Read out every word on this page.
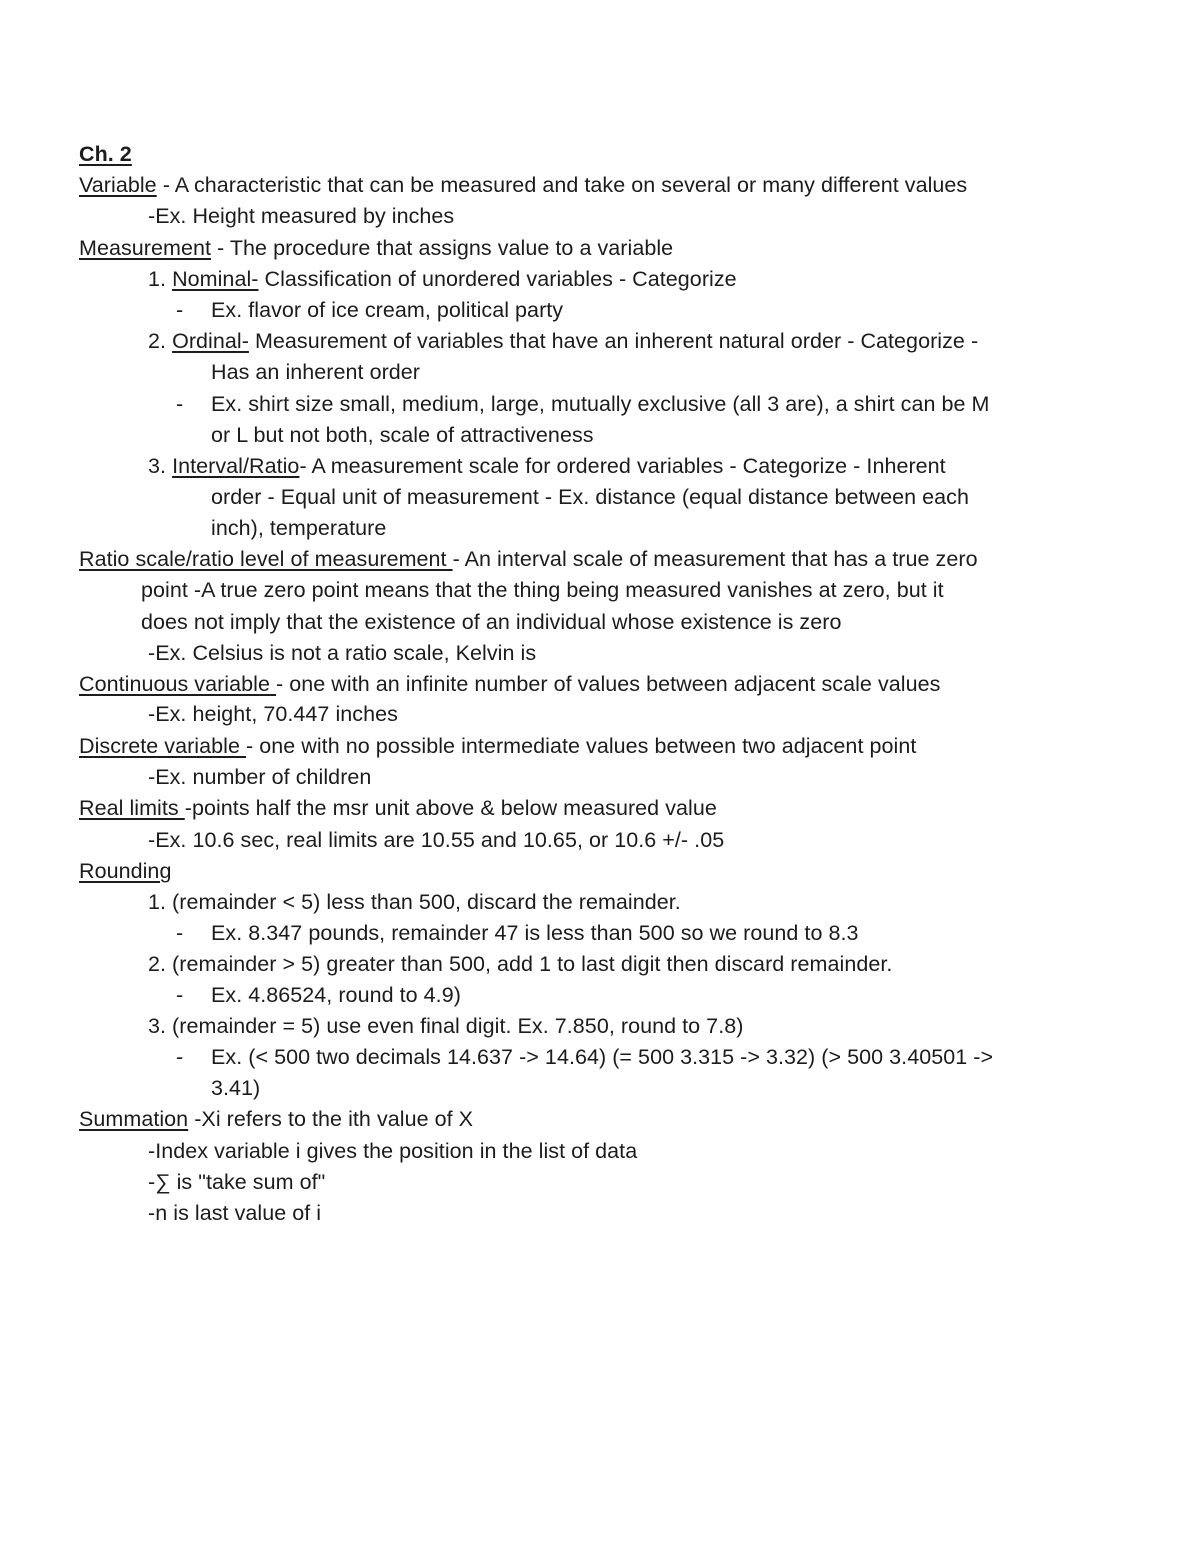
Ch. 2
Variable - A characteristic that can be measured and take on several or many different values
-Ex. Height measured by inches
Measurement - The procedure that assigns value to a variable
1. Nominal- Classification of unordered variables - Categorize
- Ex. flavor of ice cream, political party
2. Ordinal- Measurement of variables that have an inherent natural order - Categorize -
Has an inherent order
- Ex. shirt size small, medium, large, mutually exclusive (all 3 are), a shirt can be M
or L but not both, scale of attractiveness
3. Interval/Ratio- A measurement scale for ordered variables - Categorize - Inherent
order - Equal unit of measurement - Ex. distance (equal distance between each
inch), temperature
Ratio scale/ratio level of measurement - An interval scale of measurement that has a true zero
point -A true zero point means that the thing being measured vanishes at zero, but it
does not imply that the existence of an individual whose existence is zero
-Ex. Celsius is not a ratio scale, Kelvin is
Continuous variable - one with an infinite number of values between adjacent scale values
-Ex. height, 70.447 inches
Discrete variable - one with no possible intermediate values between two adjacent point
-Ex. number of children
Real limits -points half the msr unit above & below measured value
-Ex. 10.6 sec, real limits are 10.55 and 10.65, or 10.6 +/- .05
Rounding
1. (remainder < 5) less than 500, discard the remainder.
- Ex. 8.347 pounds, remainder 47 is less than 500 so we round to 8.3
2. (remainder > 5) greater than 500, add 1 to last digit then discard remainder.
- Ex. 4.86524, round to 4.9)
3. (remainder = 5) use even final digit. Ex. 7.850, round to 7.8)
- Ex. (< 500 two decimals 14.637 -> 14.64) (= 500 3.315 -> 3.32) (> 500 3.40501 ->
3.41)
Summation -Xi refers to the ith value of X
-Index variable i gives the position in the list of data
-∑ is "take sum of"
-n is last value of i
